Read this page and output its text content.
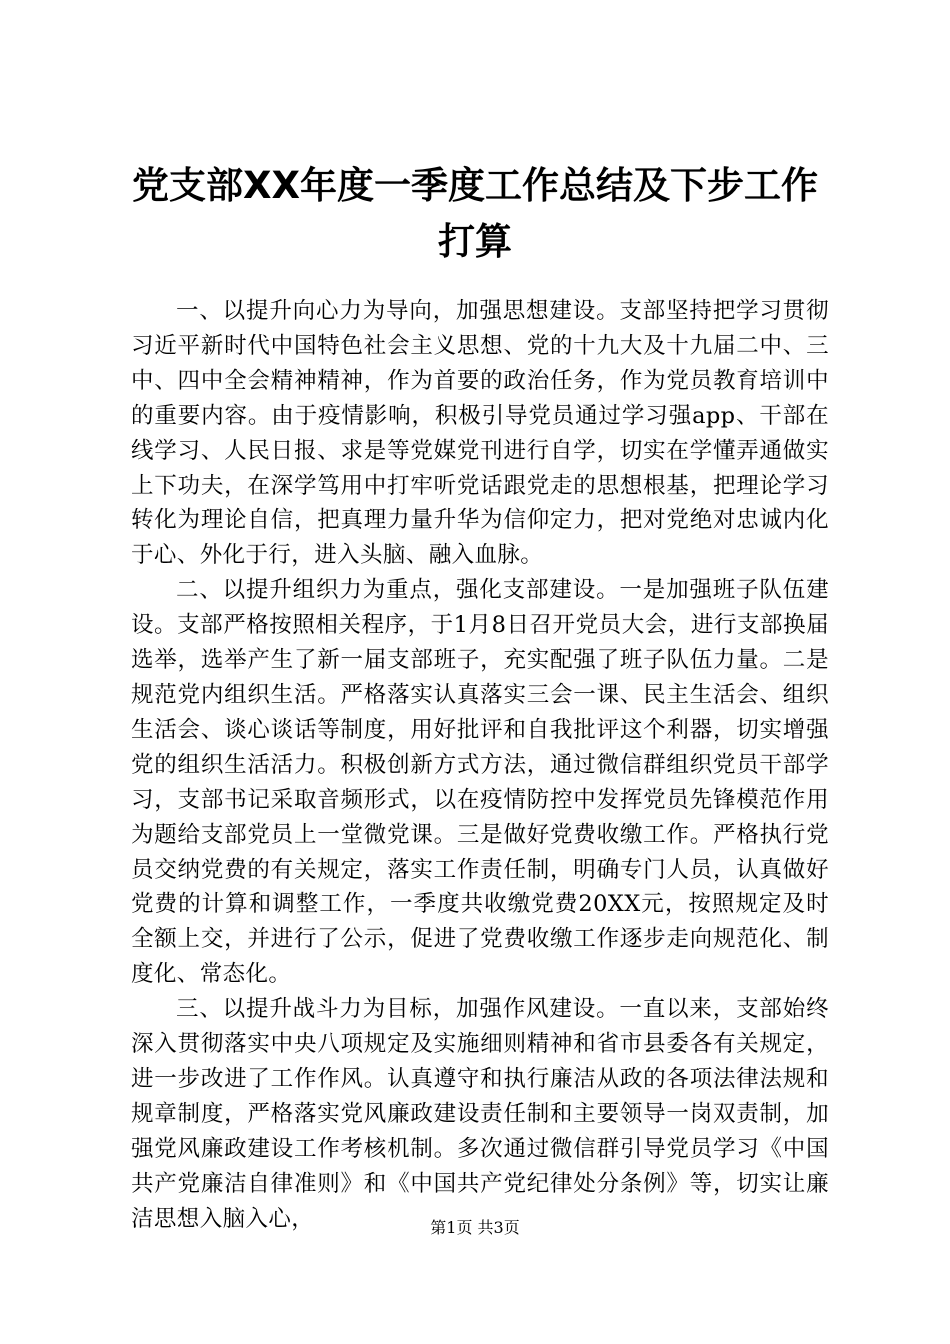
党支部XX年度一季度工作总结及下步工作打算

一、以提升向心力为导向，加强思想建设。支部坚持把学习贯彻习近平新时代中国特色社会主义思想、党的十九大及十九届二中、三中、四中全会精神精神，作为首要的政治任务，作为党员教育培训中的重要内容。由于疫情影响，积极引导党员通过学习强app、干部在线学习、人民日报、求是等党媒党刊进行自学，切实在学懂弄通做实上下功夫，在深学笃用中打牢听党话跟党走的思想根基，把理论学习转化为理论自信，把真理力量升华为信仰定力，把对党绝对忠诚内化于心、外化于行，进入头脑、融入血脉。

二、以提升组织力为重点，强化支部建设。一是加强班子队伍建设。支部严格按照相关程序，于1月8日召开党员大会，进行支部换届选举，选举产生了新一届支部班子，充实配强了班子队伍力量。二是规范党内组织生活。严格落实认真落实三会一课、民主生活会、组织生活会、谈心谈话等制度，用好批评和自我批评这个利器，切实增强党的组织生活活力。积极创新方式方法，通过微信群组织党员干部学习，支部书记采取音频形式，以在疫情防控中发挥党员先锋模范作用为题给支部党员上一堂微党课。三是做好党费收缴工作。严格执行党员交纳党费的有关规定，落实工作责任制，明确专门人员，认真做好党费的计算和调整工作，一季度共收缴党费20XX元，按照规定及时全额上交，并进行了公示，促进了党费收缴工作逐步走向规范化、制度化、常态化。

三、以提升战斗力为目标，加强作风建设。一直以来，支部始终深入贯彻落实中央八项规定及实施细则精神和省市县委各有关规定，进一步改进了工作作风。认真遵守和执行廉洁从政的各项法律法规和规章制度，严格落实党风廉政建设责任制和主要领导一岗双责制，加强党风廉政建设工作考核机制。多次通过微信群引导党员学习《中国共产党廉洁自律准则》和《中国共产党纪律处分条例》等，切实让廉洁思想入脑入心，	第1页 共3页
